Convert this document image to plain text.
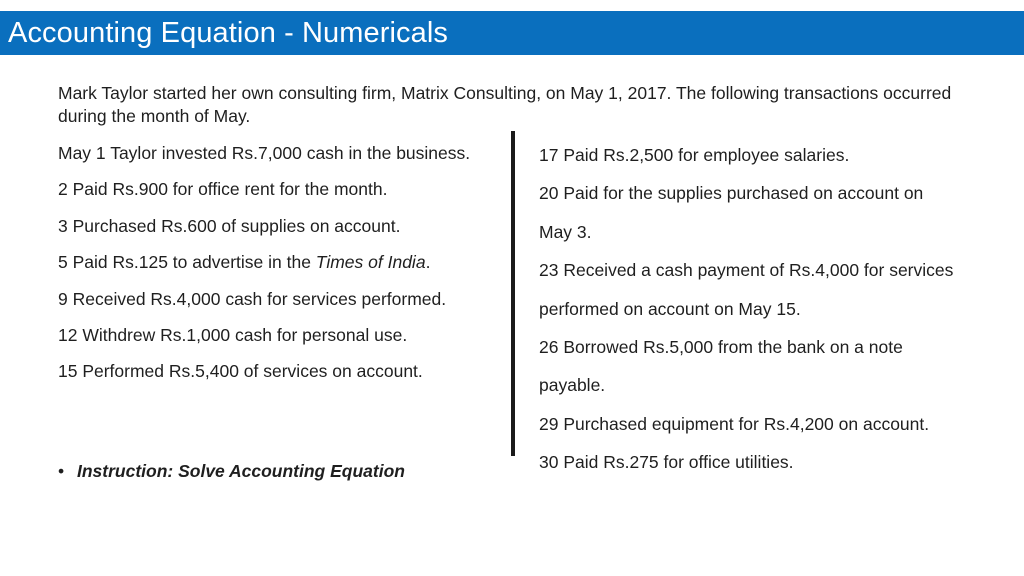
Accounting Equation - Numericals

Mark Taylor started her own consulting firm, Matrix Consulting, on May 1, 2017. The following transactions occurred during the month of May.

May 1 Taylor invested Rs.7,000 cash in the business.
2 Paid Rs.900 for office rent for the month.
3 Purchased Rs.600 of supplies on account.
5 Paid Rs.125 to advertise in the Times of India.
9 Received Rs.4,000 cash for services performed.
12 Withdrew Rs.1,000 cash for personal use.
15 Performed Rs.5,400 of services on account.
17 Paid Rs.2,500 for employee salaries.
20 Paid for the supplies purchased on account on
May 3.
23 Received a cash payment of Rs.4,000 for services
performed on account on May 15.
26 Borrowed Rs.5,000 from the bank on a note
payable.
29 Purchased equipment for Rs.4,200 on account.
30 Paid Rs.275 for office utilities.
• Instruction: Solve Accounting Equation
